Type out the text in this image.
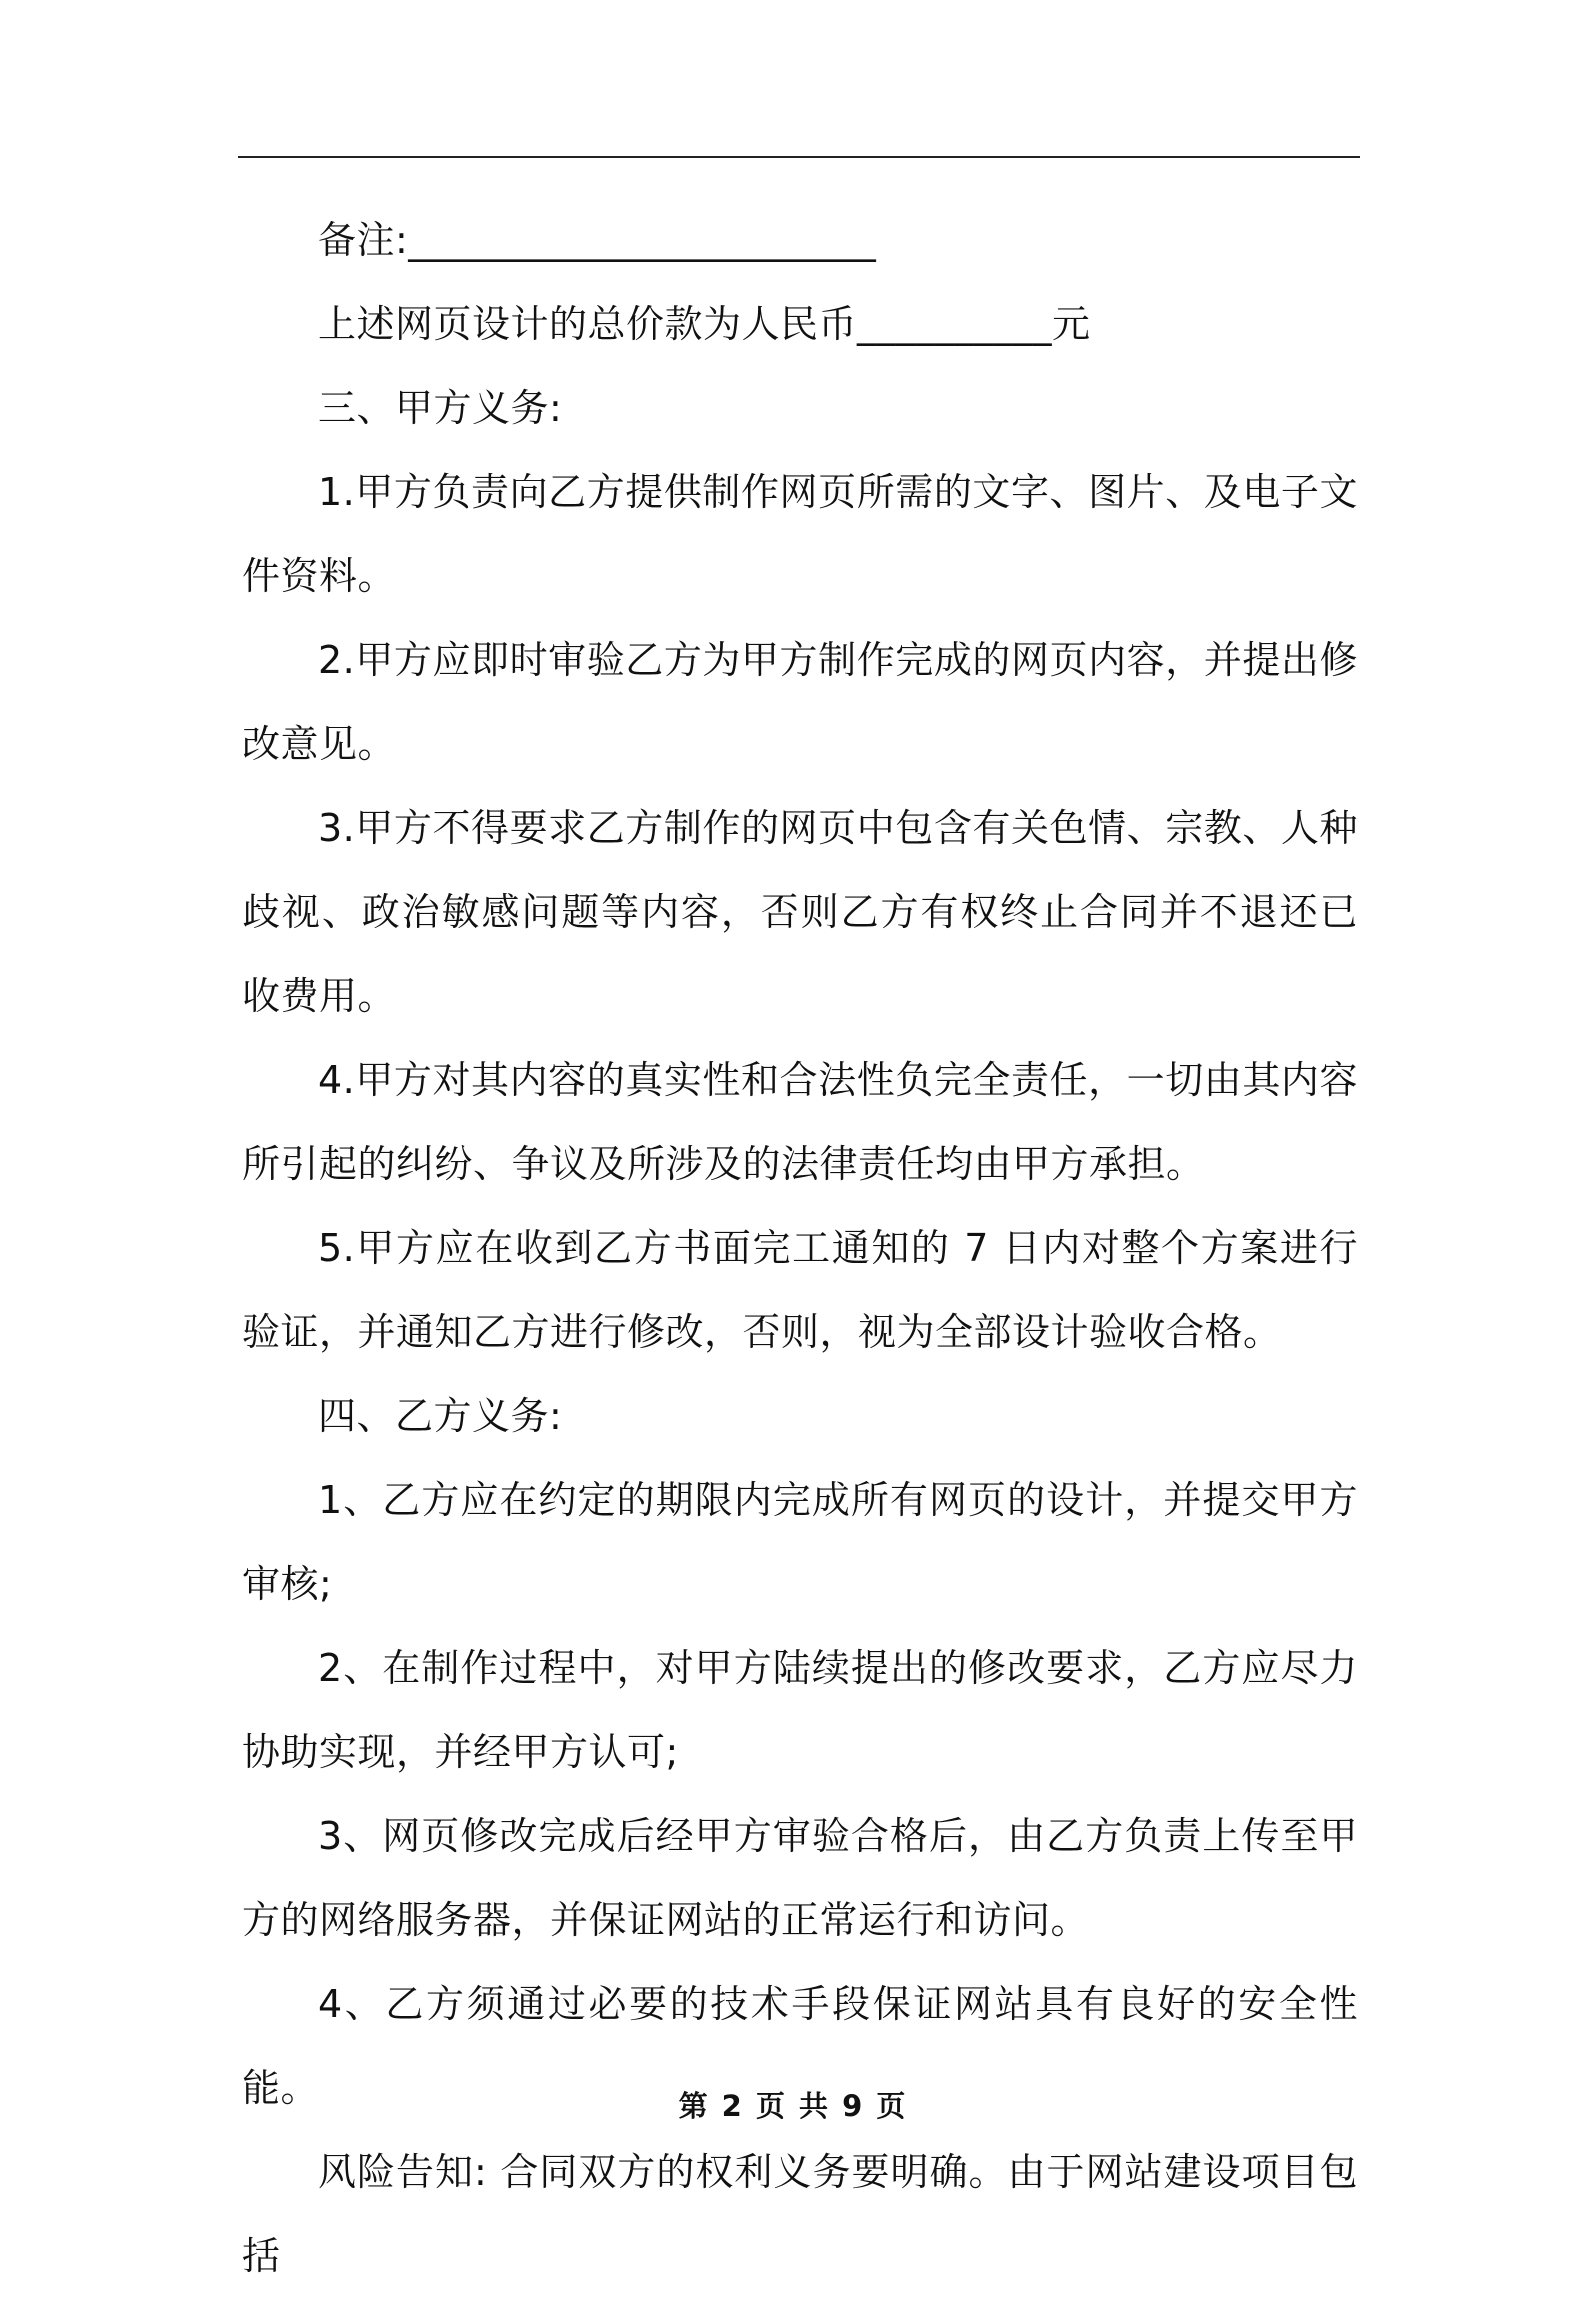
备注:________________________

上述网页设计的总价款为人民币__________元

三、甲方义务:

1.甲方负责向乙方提供制作网页所需的文字、图片、及电子文件资料。

2.甲方应即时审验乙方为甲方制作完成的网页内容，并提出修改意见。

3.甲方不得要求乙方制作的网页中包含有关色情、宗教、人种歧视、政治敏感问题等内容，否则乙方有权终止合同并不退还已收费用。

4.甲方对其内容的真实性和合法性负完全责任，一切由其内容所引起的纠纷、争议及所涉及的法律责任均由甲方承担。

5.甲方应在收到乙方书面完工通知的 7 日内对整个方案进行验证，并通知乙方进行修改，否则，视为全部设计验收合格。

四、乙方义务:

1、乙方应在约定的期限内完成所有网页的设计，并提交甲方审核;

2、在制作过程中，对甲方陆续提出的修改要求，乙方应尽力协助实现，并经甲方认可;

3、网页修改完成后经甲方审验合格后，由乙方负责上传至甲方的网络服务器，并保证网站的正常运行和访问。

4、乙方须通过必要的技术手段保证网站具有良好的安全性能。

风险告知: 合同双方的权利义务要明确。由于网站建设项目包括

第 2 页 共 9 页
